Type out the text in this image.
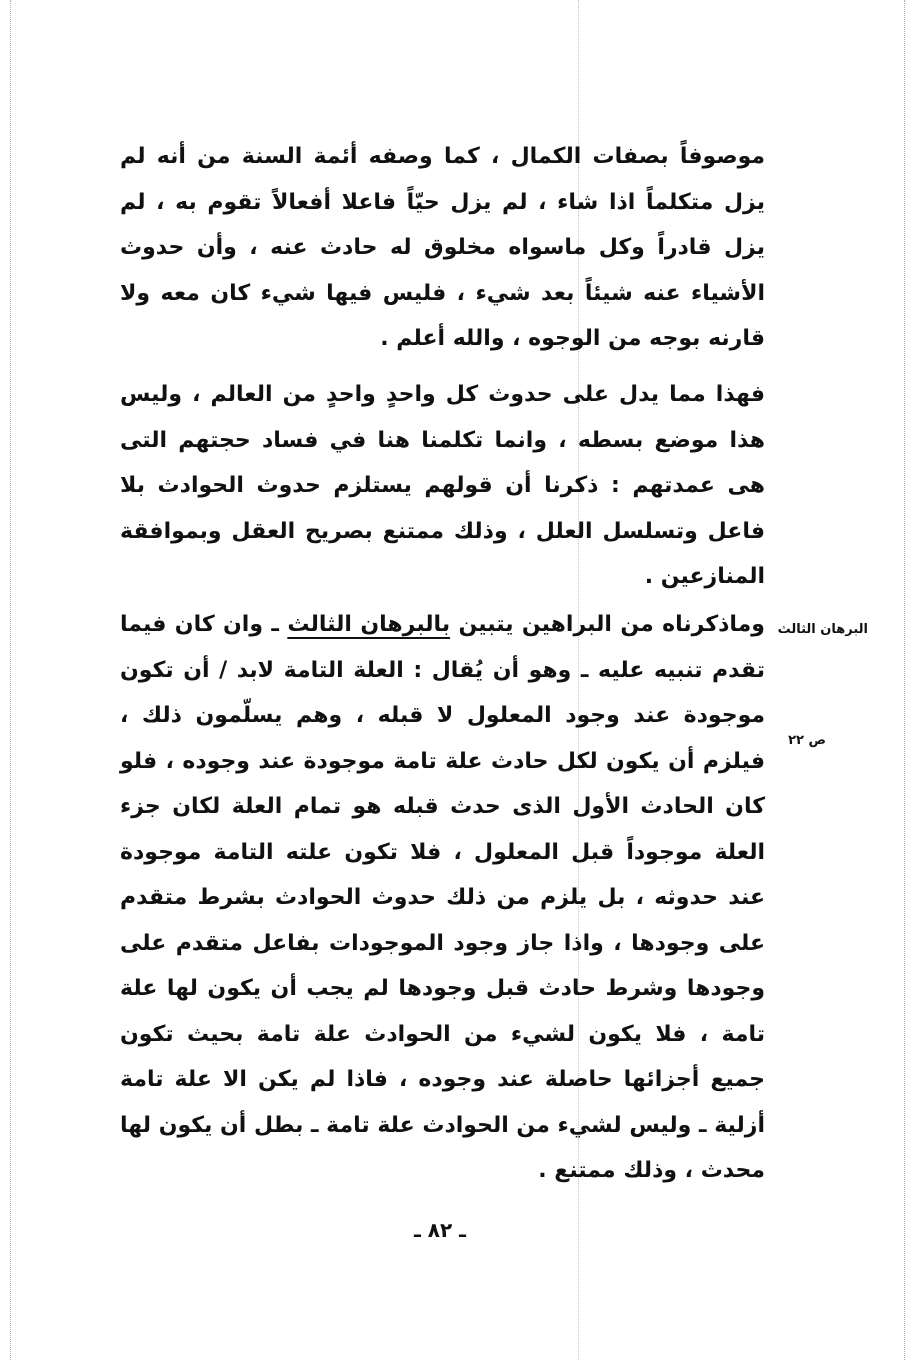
موصوفاً بصفات الكمال ، كما وصفه أئمة السنة من أنه لم يزل متكلماً اذا شاء ، لم يزل حيّاً فاعلا أفعالاً تقوم به ، لم يزل قادراً وكل ماسواه مخلوق له حادث عنه ، وأن حدوث الأشياء عنه شيئاً بعد شيء ، فليس فيها شيء كان معه ولا قارنه بوجه من الوجوه ، والله أعلم .

فهذا مما يدل على حدوث كل واحدٍ واحدٍ من العالم ، وليس هذا موضع بسطه ، وانما تكلمنا هنا في فساد حجتهم التى هى عمدتهم : ذكرنا أن قولهم يستلزم حدوث الحوادث بلا فاعل وتسلسل العلل ، وذلك ممتنع بصريح العقل وبموافقة المنازعين .

وماذكرناه من البراهين يتبين بالبرهان الثالث ـ وان كان فيما تقدم تنبيه عليه ـ وهو أن يُقال : العلة التامة لابد / أن تكون موجودة عند وجود المعلول لا قبله ، وهم يسلّمون ذلك ، فيلزم أن يكون لكل حادث علة تامة موجودة عند وجوده ، فلو كان الحادث الأول الذى حدث قبله هو تمام العلة لكان جزء العلة موجوداً قبل المعلول ، فلا تكون علته التامة موجودة عند حدوثه ، بل يلزم من ذلك حدوث الحوادث بشرط متقدم على وجودها ، واذا جاز وجود الموجودات بفاعل متقدم على وجودها وشرط حادث قبل وجودها لم يجب أن يكون لها علة تامة ، فلا يكون لشيء من الحوادث علة تامة بحيث تكون جميع أجزائها حاصلة عند وجوده ، فاذا لم يكن الا علة تامة أزلية ـ وليس لشيء من الحوادث علة تامة ـ بطل أن يكون لها محدث ، وذلك ممتنع .

البرهان الثالث
ص ٢٢
ـ ٨٢ ـ
